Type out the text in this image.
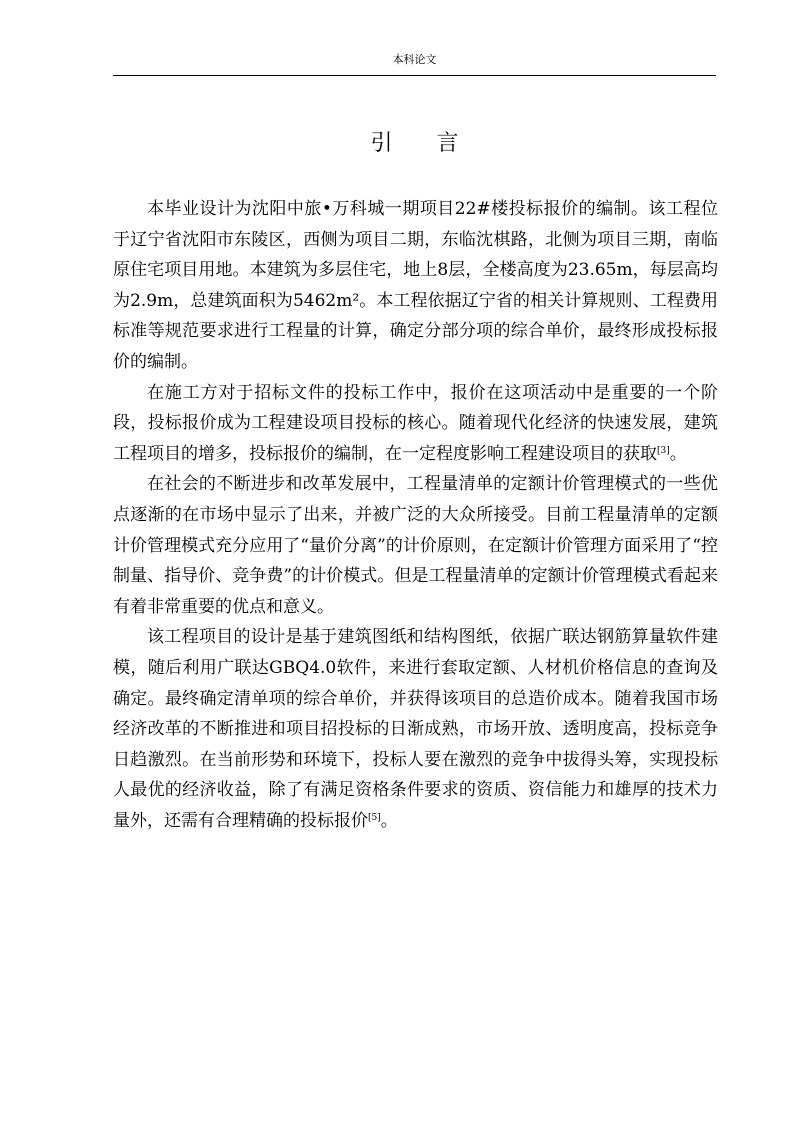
本科论文
引 言

本毕业设计为沈阳中旅•万科城一期项目22#楼投标报价的编制。该工程位于辽宁省沈阳市东陵区，西侧为项目二期，东临沈棋路，北侧为项目三期，南临原住宅项目用地。本建筑为多层住宅，地上8层，全楼高度为23.65m，每层高均为2.9m，总建筑面积为5462m²。本工程依据辽宁省的相关计算规则、工程费用标准等规范要求进行工程量的计算，确定分部分项的综合单价，最终形成投标报价的编制。

在施工方对于招标文件的投标工作中，报价在这项活动中是重要的一个阶段，投标报价成为工程建设项目投标的核心。随着现代化经济的快速发展，建筑工程项目的增多，投标报价的编制，在一定程度影响工程建设项目的获取[3]。

在社会的不断进步和改革发展中，工程量清单的定额计价管理模式的一些优点逐渐的在市场中显示了出来，并被广泛的大众所接受。目前工程量清单的定额计价管理模式充分应用了“量价分离”的计价原则，在定额计价管理方面采用了“控制量、指导价、竞争费”的计价模式。但是工程量清单的定额计价管理模式看起来有着非常重要的优点和意义。

该工程项目的设计是基于建筑图纸和结构图纸，依据广联达钢筋算量软件建模，随后利用广联达GBQ4.0软件，来进行套取定额、人材机价格信息的查询及确定。最终确定清单项的综合单价，并获得该项目的总造价成本。随着我国市场经济改革的不断推进和项目招投标的日渐成熟，市场开放、透明度高，投标竞争日趋激烈。在当前形势和环境下，投标人要在激烈的竞争中拔得头筹，实现投标人最优的经济收益，除了有满足资格条件要求的资质、资信能力和雄厚的技术力量外，还需有合理精确的投标报价[5]。
